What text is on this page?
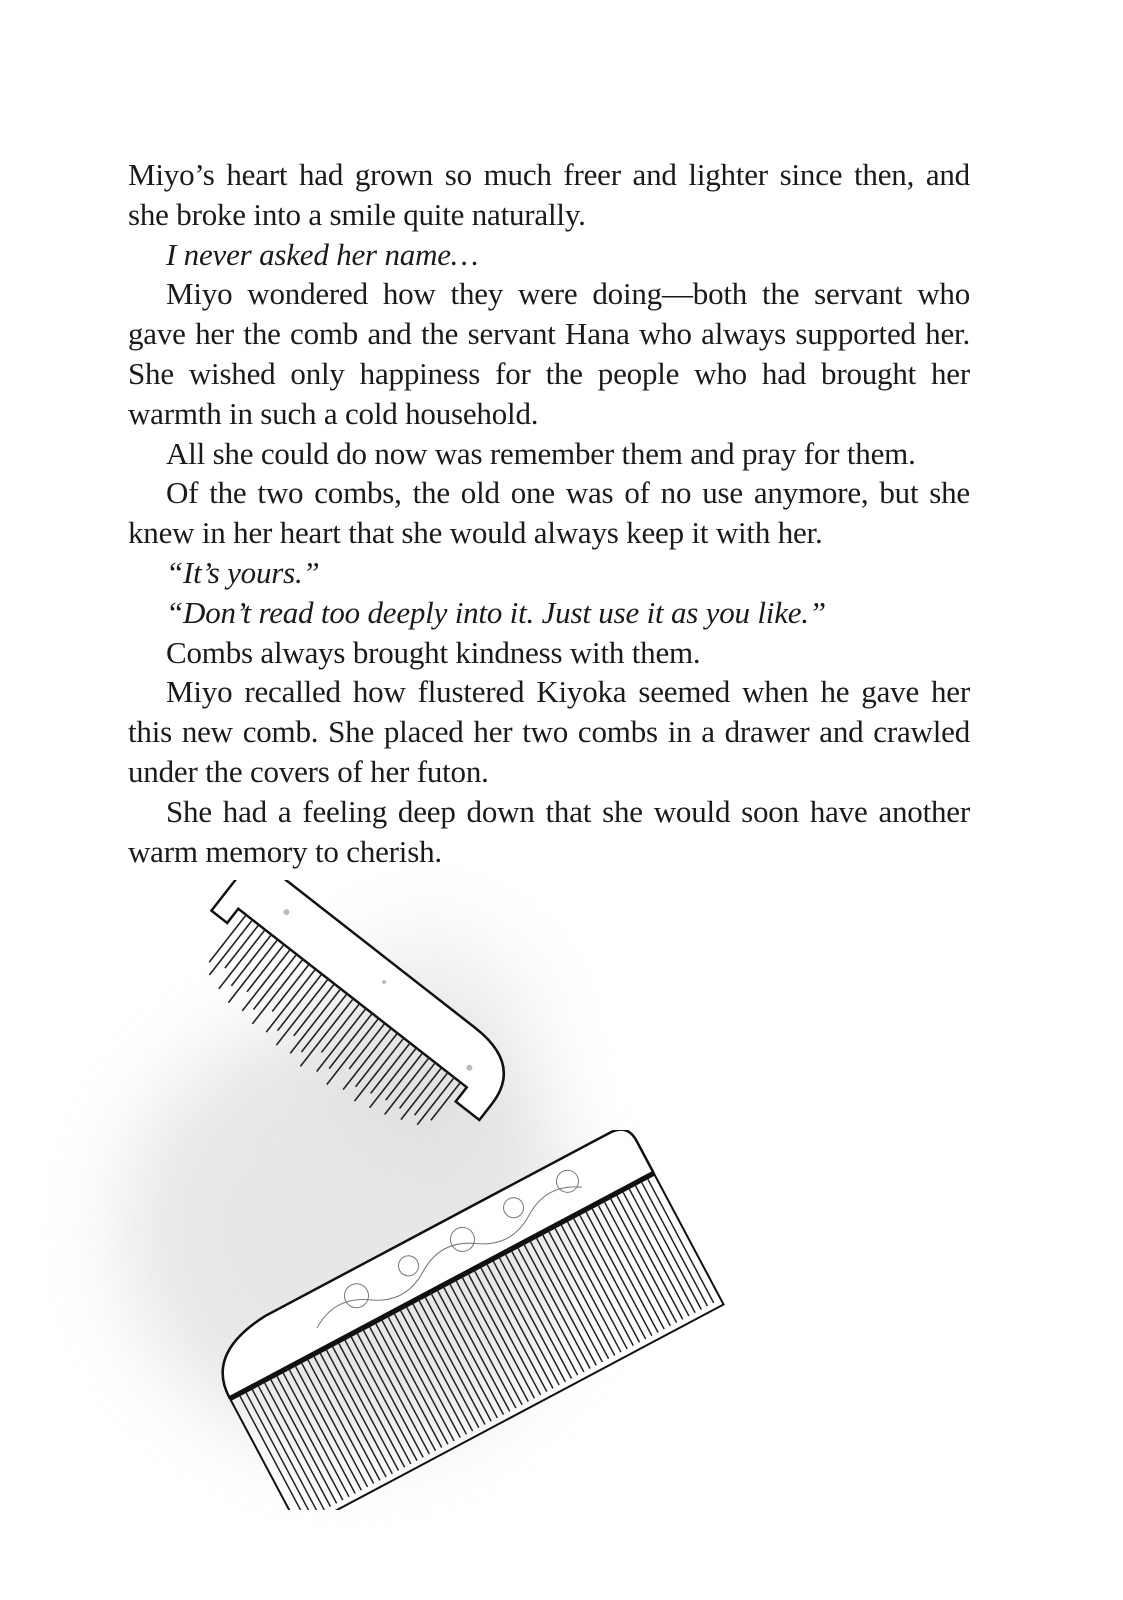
Miyo’s heart had grown so much freer and lighter since then, and she broke into a smile quite naturally.

I never asked her name…

Miyo wondered how they were doing—both the servant who gave her the comb and the servant Hana who always supported her. She wished only happiness for the people who had brought her warmth in such a cold household.

All she could do now was remember them and pray for them.

Of the two combs, the old one was of no use anymore, but she knew in her heart that she would always keep it with her.

“It’s yours.”

“Don’t read too deeply into it. Just use it as you like.”

Combs always brought kindness with them.

Miyo recalled how flustered Kiyoka seemed when he gave her this new comb. She placed her two combs in a drawer and crawled under the covers of her futon.

She had a feeling deep down that she would soon have another warm memory to cherish.
